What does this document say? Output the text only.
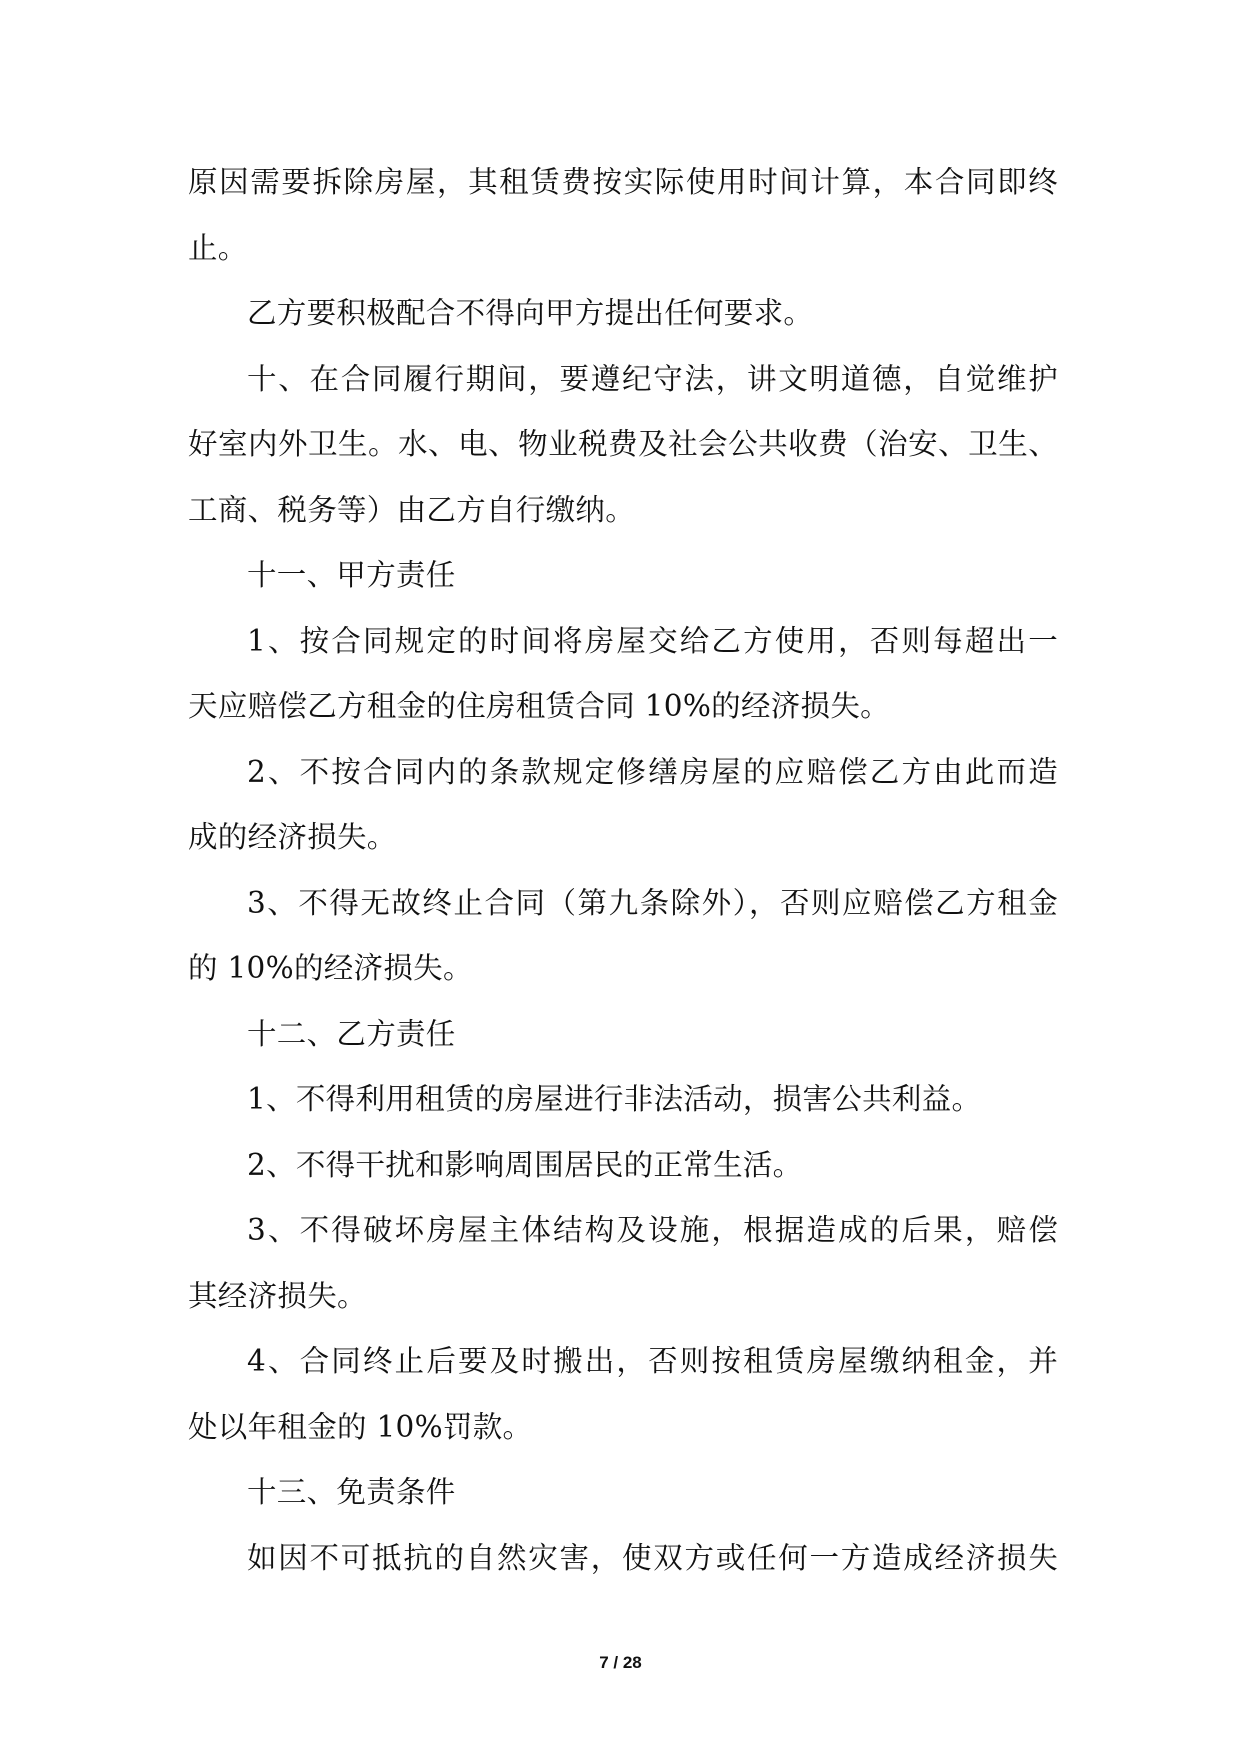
原因需要拆除房屋，其租赁费按实际使用时间计算，本合同即终
止。
乙方要积极配合不得向甲方提出任何要求。
十、在合同履行期间，要遵纪守法，讲文明道德，自觉维护
好室内外卫生。水、电、物业税费及社会公共收费（治安、卫生、
工商、税务等）由乙方自行缴纳。
十一、甲方责任
1、按合同规定的时间将房屋交给乙方使用，否则每超出一
天应赔偿乙方租金的住房租赁合同 10%的经济损失。
2、不按合同内的条款规定修缮房屋的应赔偿乙方由此而造
成的经济损失。
3、不得无故终止合同（第九条除外），否则应赔偿乙方租金
的 10%的经济损失。
十二、乙方责任
1、不得利用租赁的房屋进行非法活动，损害公共利益。
2、不得干扰和影响周围居民的正常生活。
3、不得破坏房屋主体结构及设施，根据造成的后果，赔偿
其经济损失。
4、合同终止后要及时搬出，否则按租赁房屋缴纳租金，并
处以年租金的 10%罚款。
十三、免责条件
如因不可抵抗的自然灾害，使双方或任何一方造成经济损失
7 / 28
